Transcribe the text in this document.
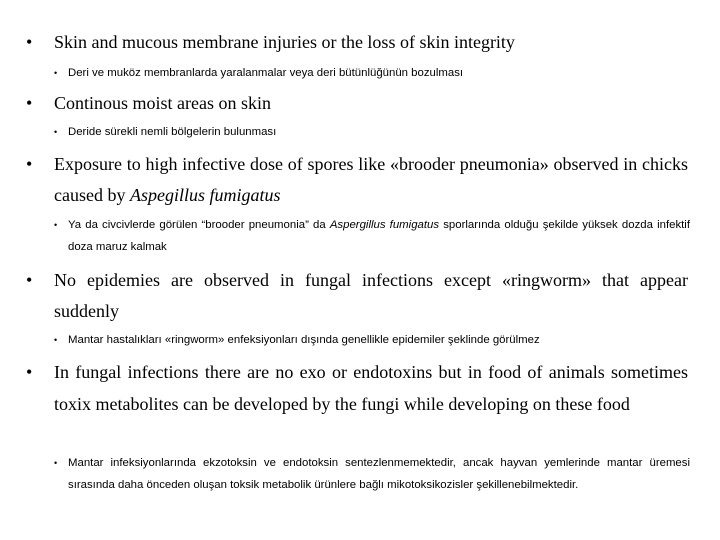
•	Skin and mucous membrane injuries or the loss of skin integrity
• Deri ve muköz membranlarda yaralanmalar veya deri bütünlüğünün bozulması
•	Continous moist areas on skin
• Deride sürekli nemli bölgelerin bulunması
•	Exposure to high infective dose of spores like «brooder pneumonia» observed in chicks caused by Aspegillus fumigatus
• Ya da civcivlerde görülen “brooder pneumonia” da Aspergillus fumigatus sporlarında olduğu şekilde yüksek dozda infektif doza maruz kalmak
•	No epidemies are observed in fungal infections except «ringworm» that appear suddenly
• Mantar hastalıkları «ringworm» enfeksiyonları dışında genellikle epidemiler şeklinde görülmez
•	In fungal infections there are no exo or endotoxins but in food of animals sometimes toxix metabolites can be developed by the fungi while developing on these food
• Mantar infeksiyonlarında ekzotoksin ve endotoksin sentezlenmemektedir, ancak hayvan yemlerinde mantar üremesi sırasında daha önceden oluşan toksik metabolik ürünlere bağlı mikotoksikozisler şekillenebilmektedir.
